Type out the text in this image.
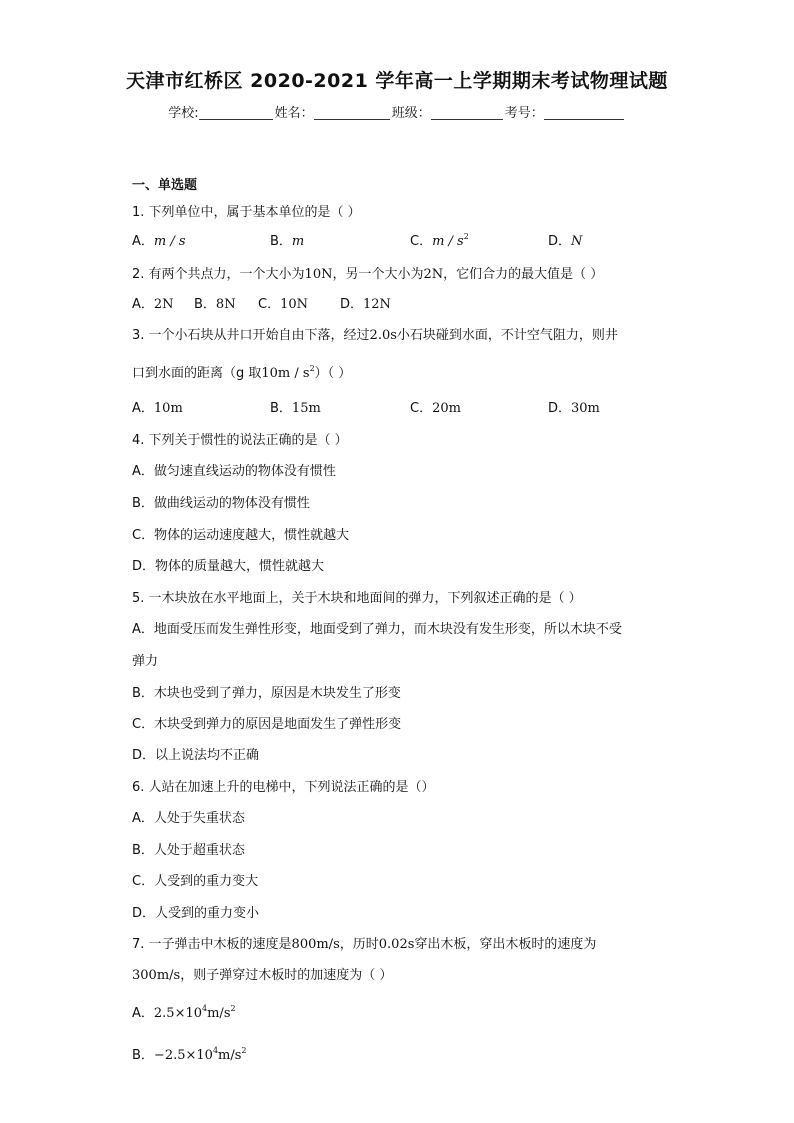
天津市红桥区 2020-2021 学年高一上学期期末考试物理试题
学校:	姓名：	班级：	考号：
一、单选题
1. 下列单位中，属于基本单位的是（ ）
A．m / s	B．m	C．m / $s^2$	D．N
2. 有两个共点力，一个大小为10N，另一个大小为2N，它们合力的最大值是（ ）
A．2N B．8N C．10N D．12N
3. 一个小石块从井口开始自由下落，经过2.0s小石块碰到水面，不计空气阻力，则井
口到水面的距离（g 取$10m / s^2$）（ ）
A．10m	B．15m	C．20m	D．30m
4. 下列关于惯性的说法正确的是（ ）
A．做匀速直线运动的物体没有惯性
B．做曲线运动的物体没有惯性
C．物体的运动速度越大，惯性就越大
D．物体的质量越大，惯性就越大
5. 一木块放在水平地面上，关于木块和地面间的弹力，下列叙述正确的是（ ）
A．地面受压而发生弹性形变，地面受到了弹力，而木块没有发生形变，所以木块不受
弹力
B．木块也受到了弹力，原因是木块发生了形变
C．木块受到弹力的原因是地面发生了弹性形变
D．以上说法均不正确
6. 人站在加速上升的电梯中，下列说法正确的是（）
A．人处于失重状态
B．人处于超重状态
C．人受到的重力变大
D．人受到的重力变小
7. 一子弹击中木板的速度是800m/s，历时0.02s穿出木板，穿出木板时的速度为
300m/s，则子弹穿过木板时的加速度为（ ）
A．$2.5\times 10^4m/s^2$
B．$-2.5\times 10^4m/s^2$
